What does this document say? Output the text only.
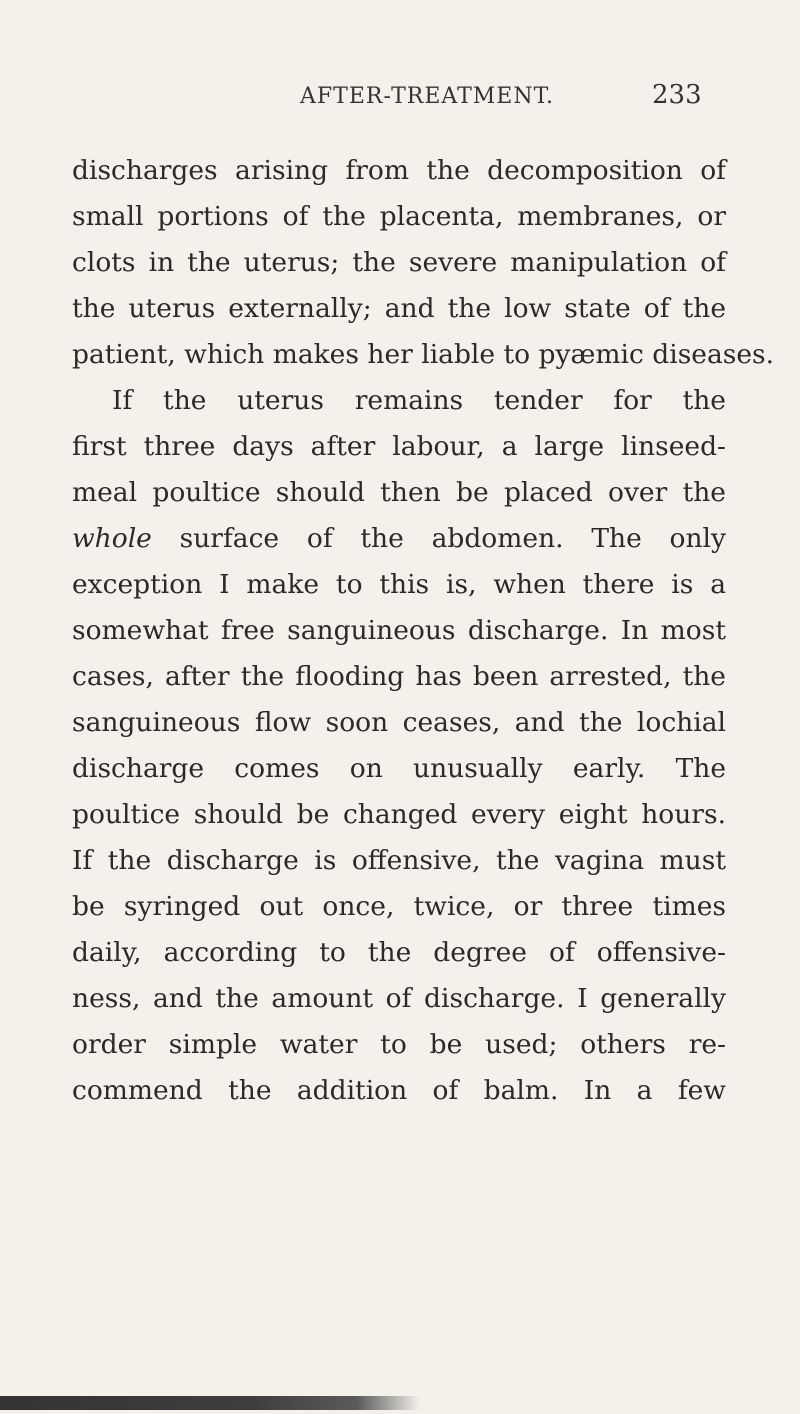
AFTER-TREATMENT.	233
discharges arising from the decomposition of
small portions of the placenta, membranes, or
clots in the uterus; the severe manipulation of
the uterus externally; and the low state of the
patient, which makes her liable to pyæmic diseases.
If the uterus remains tender for the
first three days after labour, a large linseed-
meal poultice should then be placed over the
whole surface of the abdomen. The only
exception I make to this is, when there is a
somewhat free sanguineous discharge. In most
cases, after the flooding has been arrested, the
sanguineous flow soon ceases, and the lochial
discharge comes on unusually early. The
poultice should be changed every eight hours.
If the discharge is offensive, the vagina must
be syringed out once, twice, or three times
daily, according to the degree of offensive-
ness, and the amount of discharge. I generally
order simple water to be used; others re-
commend the addition of balm. In a few
